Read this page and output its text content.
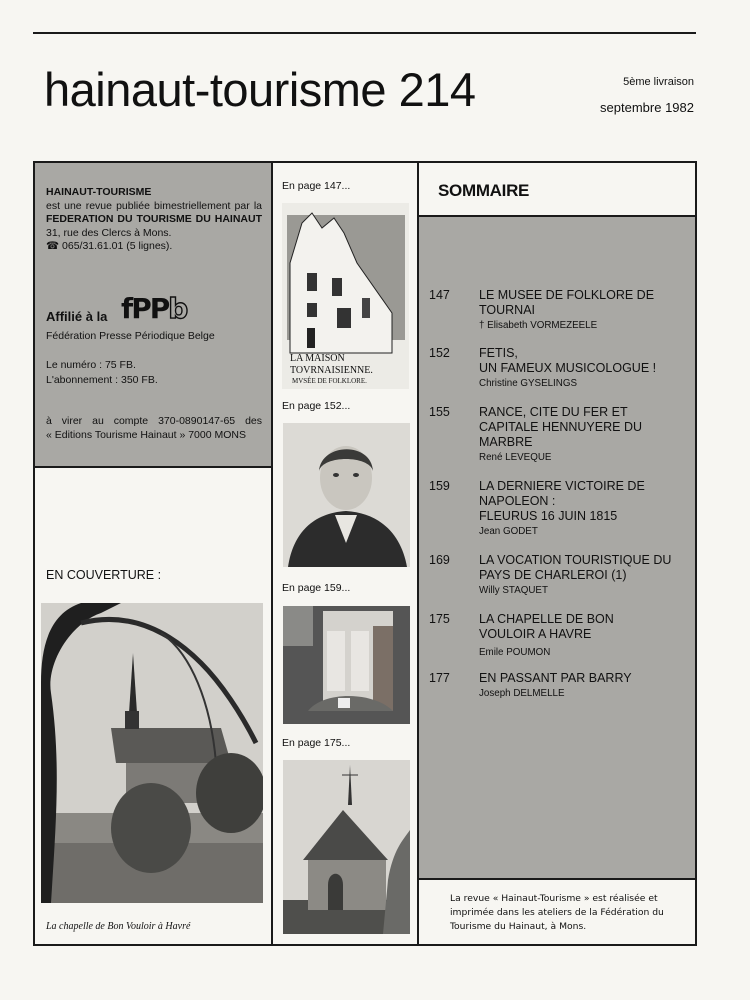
hainaut-tourisme 214	5ème livraison
septembre 1982
HAINAUT-TOURISME
est une revue publiée bimestriellement par la
FEDERATION DU TOURISME DU HAINAUT
31, rue des Clercs à Mons.
☎ 065/31.61.01 (5 lignes).
Affilié à la fPPb
Fédération Presse Périodique Belge
Le numéro : 75 FB.
L'abonnement : 350 FB.
à virer au compte 370-0890147-65 des
« Editions Tourisme Hainaut » 7000 MONS
EN COUVERTURE :
La chapelle de Bon Vouloir à Havré
En page 147...
LA MAISON
TOVRNAISIENNE.
MVSÉE DE FOLKLORE.
En page 152...
En page 159...
En page 175...
SOMMAIRE
147 LE MUSEE DE FOLKLORE DE
TOURNAI
† Elisabeth VORMEZEELE
152 FETIS,
UN FAMEUX MUSICOLOGUE !
Christine GYSELINGS
155 RANCE, CITE DU FER ET
CAPITALE HENNUYERE DU
MARBRE
René LEVEQUE
159 LA DERNIERE VICTOIRE DE
NAPOLEON :
FLEURUS 16 JUIN 1815
Jean GODET
169 LA VOCATION TOURISTIQUE DU
PAYS DE CHARLEROI (1)
Willy STAQUET
175 LA CHAPELLE DE BON
VOULOIR A HAVRE
Emile POUMON
177 EN PASSANT PAR BARRY
Joseph DELMELLE
La revue « Hainaut-Tourisme » est réalisée et
imprimée dans les ateliers de la Fédération du
Tourisme du Hainaut, à Mons.
